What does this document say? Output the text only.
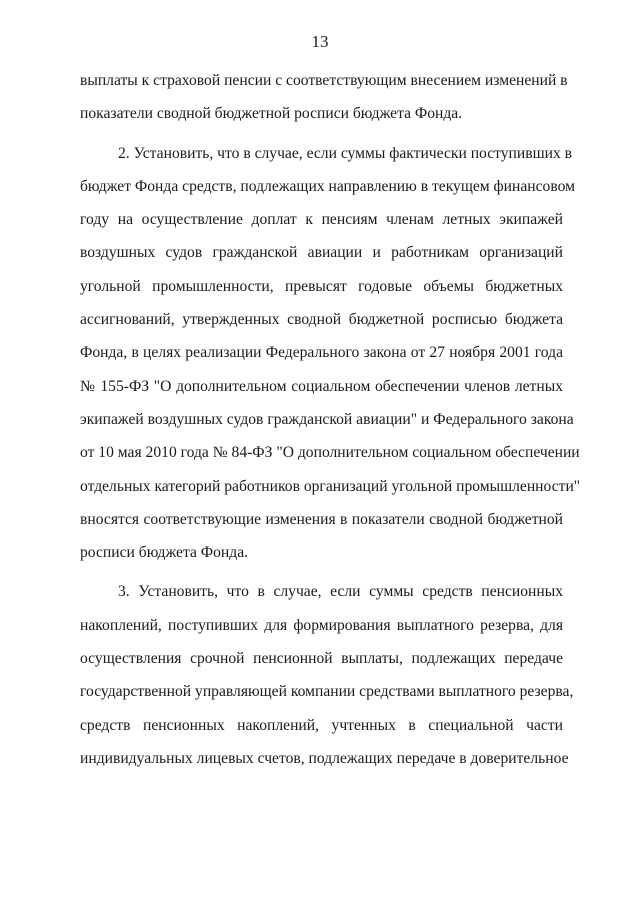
13

выплаты к страховой пенсии с соответствующим внесением изменений в
показатели сводной бюджетной росписи бюджета Фонда.

2. Установить, что в случае, если суммы фактически поступивших в
бюджет Фонда средств, подлежащих направлению в текущем финансовом
году на осуществление доплат к пенсиям членам летных экипажей
воздушных судов гражданской авиации и работникам организаций
угольной промышленности, превысят годовые объемы бюджетных
ассигнований, утвержденных сводной бюджетной росписью бюджета
Фонда, в целях реализации Федерального закона от 27 ноября 2001 года
№ 155-ФЗ "О дополнительном социальном обеспечении членов летных
экипажей воздушных судов гражданской авиации" и Федерального закона
от 10 мая 2010 года № 84-ФЗ "О дополнительном социальном обеспечении
отдельных категорий работников организаций угольной промышленности"
вносятся соответствующие изменения в показатели сводной бюджетной
росписи бюджета Фонда.

3. Установить, что в случае, если суммы средств пенсионных
накоплений, поступивших для формирования выплатного резерва, для
осуществления срочной пенсионной выплаты, подлежащих передаче
государственной управляющей компании средствами выплатного резерва,
средств пенсионных накоплений, учтенных в специальной части
индивидуальных лицевых счетов, подлежащих передаче в доверительное
